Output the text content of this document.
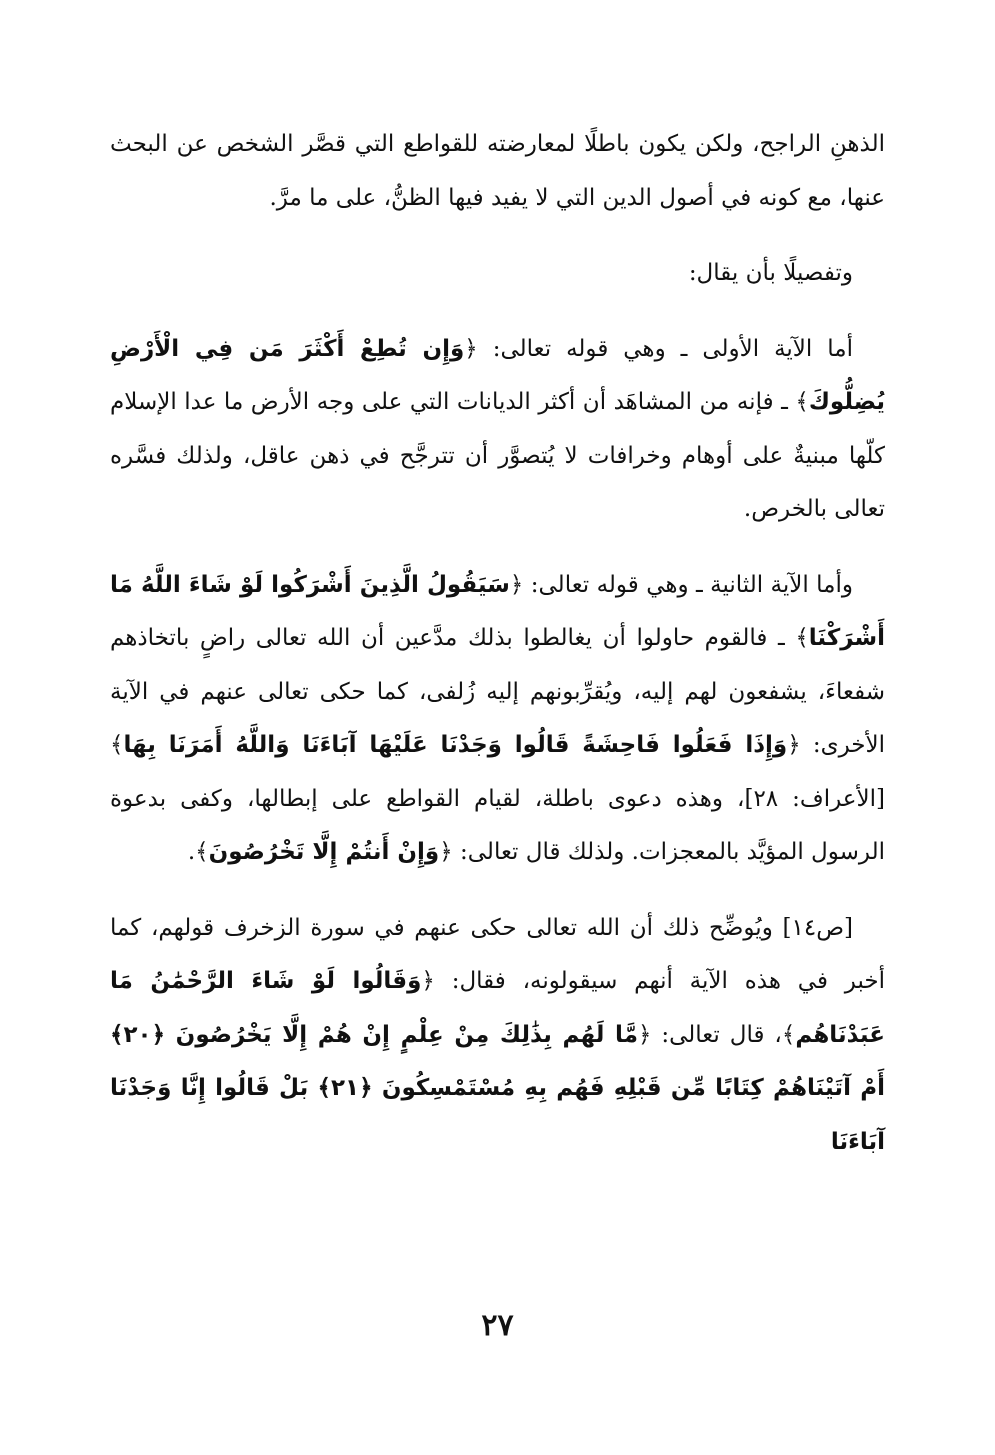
الذهنِ الراجح، ولكن يكون باطلًا لمعارضته للقواطع التي قصَّر الشخص عن البحث عنها، مع كونه في أصول الدين التي لا يفيد فيها الظنُّ، على ما مرَّ.

وتفصيلًا بأن يقال:

أما الآية الأولى ـ وهي قوله تعالى: ﴿وَإِن تُطِعْ أَكْثَرَ مَن فِي الْأَرْضِ يُضِلُّوكَ﴾ ـ فإنه من المشاهَد أن أكثر الديانات التي على وجه الأرض ما عدا الإسلام كلّها مبنيةٌ على أوهام وخرافات لا يُتصوَّر أن تترجَّح في ذهن عاقل، ولذلك فسَّره تعالى بالخرص.

وأما الآية الثانية ـ وهي قوله تعالى: ﴿سَيَقُولُ الَّذِينَ أَشْرَكُوا لَوْ شَاءَ اللَّهُ مَا أَشْرَكْنَا﴾ ـ فالقوم حاولوا أن يغالطوا بذلك مدَّعين أن الله تعالى راضٍ باتخاذهم شفعاءَ، يشفعون لهم إليه، ويُقرِّبونهم إليه زُلفى، كما حكى تعالى عنهم في الآية الأخرى: ﴿وَإِذَا فَعَلُوا فَاحِشَةً قَالُوا وَجَدْنَا عَلَيْهَا آبَاءَنَا وَاللَّهُ أَمَرَنَا بِهَا﴾ [الأعراف: ٢٨]، وهذه دعوى باطلة، لقيام القواطع على إبطالها، وكفى بدعوة الرسول المؤيَّد بالمعجزات. ولذلك قال تعالى: ﴿وَإِنْ أَنتُمْ إِلَّا تَخْرُصُونَ﴾.

[ص١٤] ويُوضِّح ذلك أن الله تعالى حكى عنهم في سورة الزخرف قولهم، كما أخبر في هذه الآية أنهم سيقولونه، فقال: ﴿وَقَالُوا لَوْ شَاءَ الرَّحْمَٰنُ مَا عَبَدْنَاهُم﴾، قال تعالى: ﴿مَّا لَهُم بِذَٰلِكَ مِنْ عِلْمٍ إِنْ هُمْ إِلَّا يَخْرُصُونَ ﴿٢٠﴾ أَمْ آتَيْنَاهُمْ كِتَابًا مِّن قَبْلِهِ فَهُم بِهِ مُسْتَمْسِكُونَ ﴿٢١﴾ بَلْ قَالُوا إِنَّا وَجَدْنَا آبَاءَنَا

٢٧
